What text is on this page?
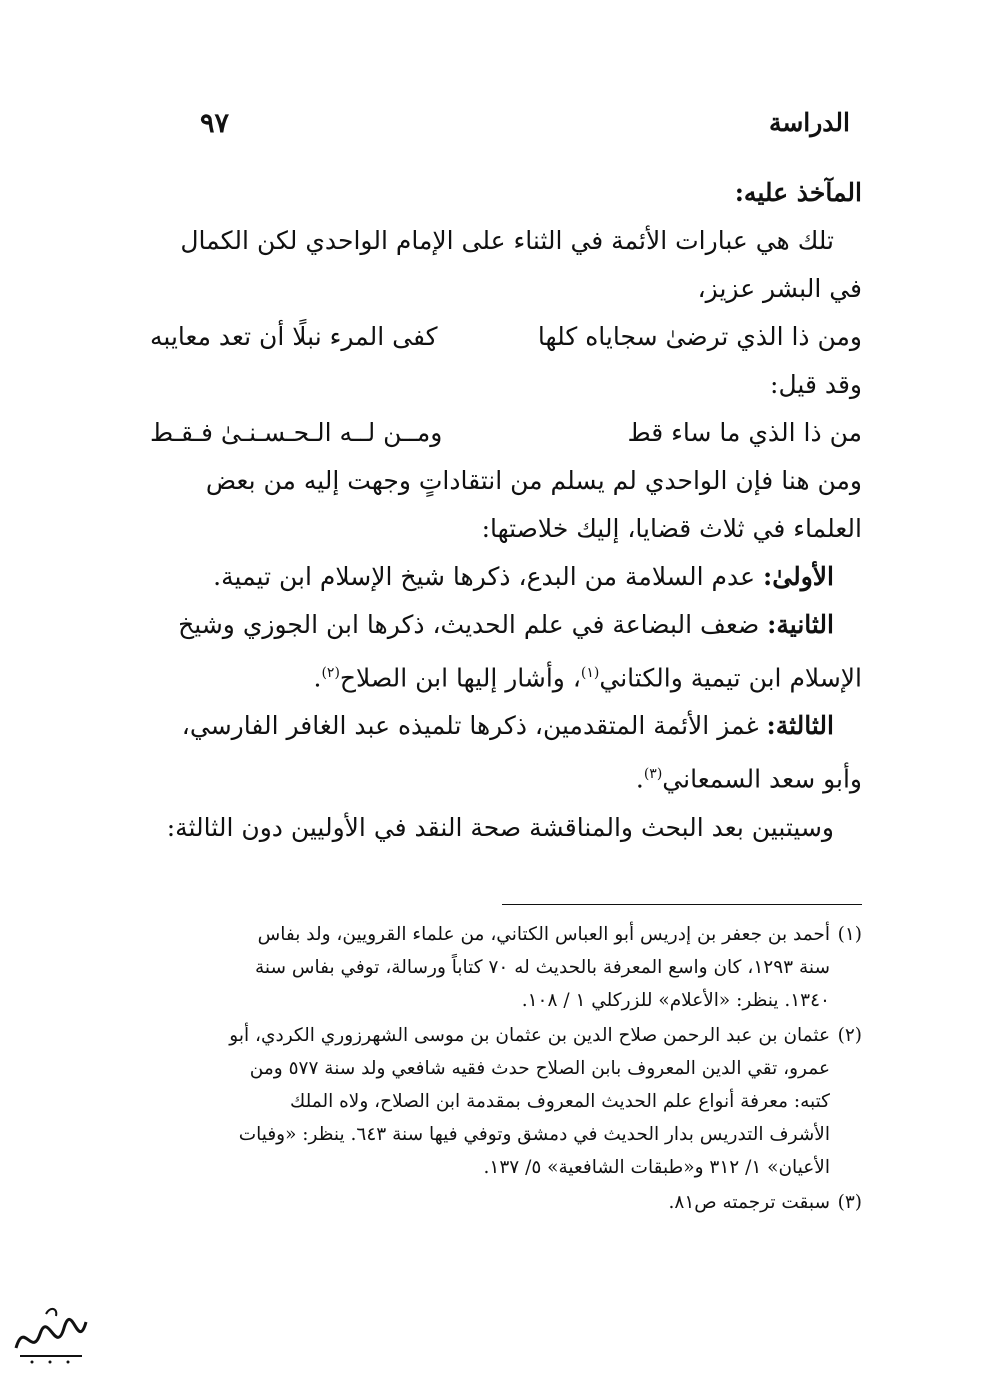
الدراسة
٩٧
المآخذ عليه:
تلك هي عبارات الأئمة في الثناء على الإمام الواحدي لكن الكمال
في البشر عزيز،
ومن ذا الذي ترضىٰ سجاياه كلها
كفى المرء نبلًا أن تعد معايبه
وقد قيل:
من ذا الذي ما ساء قط
ومــن لــه الـحـسـنـىٰ فـقـط
ومن هنا فإن الواحدي لم يسلم من انتقاداتٍ وجهت إليه من بعض
العلماء في ثلاث قضايا، إليك خلاصتها:
الأولىٰ: عدم السلامة من البدع، ذكرها شيخ الإسلام ابن تيمية.
الثانية: ضعف البضاعة في علم الحديث، ذكرها ابن الجوزي وشيخ
الإسلام ابن تيمية والكتاني$^{(١)}$، وأشار إليها ابن الصلاح$^{(٢)}$.
الثالثة: غمز الأئمة المتقدمين، ذكرها تلميذه عبد الغافر الفارسي،
وأبو سعد السمعاني$^{(٣)}$.
وسيتبين بعد البحث والمناقشة صحة النقد في الأوليين دون الثالثة:
(١)أحمد بن جعفر بن إدريس أبو العباس الكتاني، من علماء القرويين، ولد بفاس
سنة ١٢٩٣، كان واسع المعرفة بالحديث له ٧٠ كتاباً ورسالة، توفي بفاس سنة
١٣٤٠. ينظر: «الأعلام» للزركلي ١ / ١٠٨.
(٢)عثمان بن عبد الرحمن صلاح الدين بن عثمان بن موسى الشهرزوري الكردي، أبو
عمرو، تقي الدين المعروف بابن الصلاح حدث فقيه شافعي ولد سنة ٥٧٧ ومن
كتبه: معرفة أنواع علم الحديث المعروف بمقدمة ابن الصلاح، ولاه الملك
الأشرف التدريس بدار الحديث في دمشق وتوفي فيها سنة ٦٤٣. ينظر: «وفيات
الأعيان» ١/ ٣١٢ و«طبقات الشافعية» ٥/ ١٣٧.
(٣)سبقت ترجمته ص٨١.
